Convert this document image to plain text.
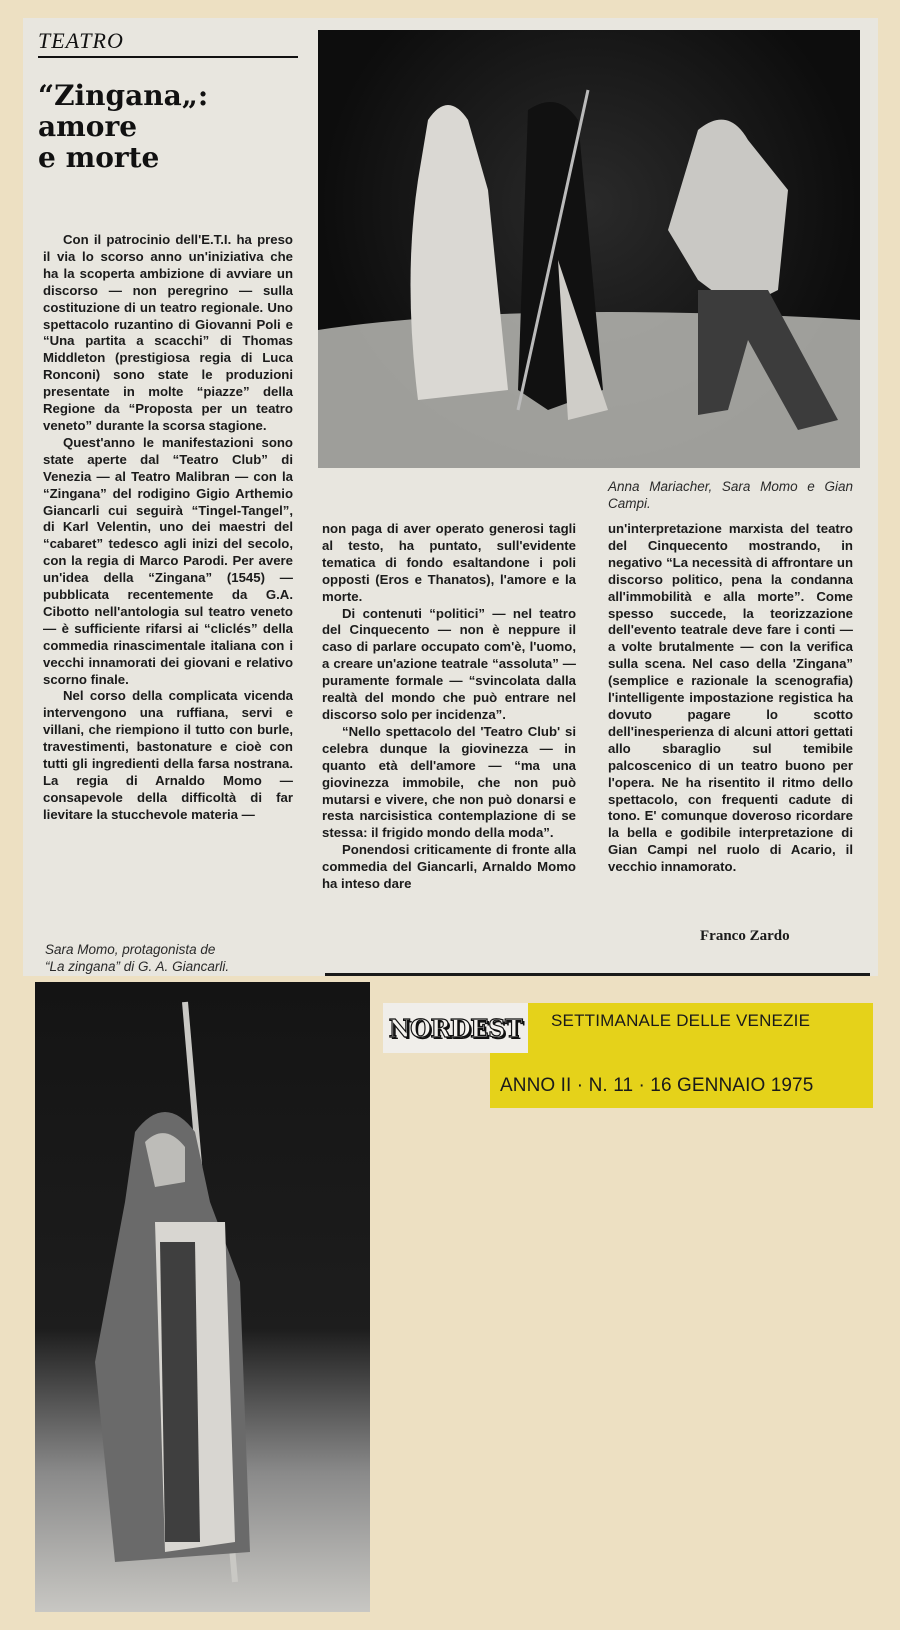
TEATRO
“Zingana„:
amore
e morte
Anna Mariacher, Sara Momo e Gian Campi.

Con il patrocinio dell'E.T.I. ha preso il via lo scorso anno un'iniziativa che ha la scoperta ambizione di avviare un discorso — non peregrino — sulla costituzione di un teatro regionale. Uno spettacolo ruzantino di Giovanni Poli e “Una partita a scacchi” di Thomas Middleton (prestigiosa regia di Luca Ronconi) sono state le produzioni presentate in molte “piazze” della Regione da “Proposta per un teatro veneto” durante la scorsa stagione.

Quest'anno le manifestazioni sono state aperte dal “Teatro Club” di Venezia — al Teatro Malibran — con la “Zingana” del rodigino Gigio Arthemio Giancarli cui seguirà “Tingel-Tangel”, di Karl Velentin, uno dei maestri del “cabaret” tedesco agli inizi del secolo, con la regia di Marco Parodi. Per avere un'idea della “Zingana” (1545) — pubblicata recentemente da G.A. Cibotto nell'antologia sul teatro veneto — è sufficiente rifarsi ai “cliclés” della commedia rinascimentale italiana con i vecchi innamorati dei giovani e relativo scorno finale.

Nel corso della complicata vicenda intervengono una ruffiana, servi e villani, che riempiono il tutto con burle, travestimenti, bastonature e cioè con tutti gli ingredienti della farsa nostrana. La regia di Arnaldo Momo — consapevole della difficoltà di far lievitare la stucchevole materia —

non paga di aver operato generosi tagli al testo, ha puntato, sull'evidente tematica di fondo esaltandone i poli opposti (Eros e Thanatos), l'amore e la morte.

Di contenuti “politici” — nel teatro del Cinquecento — non è neppure il caso di parlare occupato com'è, l'uomo, a creare un'azione teatrale “assoluta” — puramente formale — “svincolata dalla realtà del mondo che può entrare nel discorso solo per incidenza”.

“Nello spettacolo del 'Teatro Club' si celebra dunque la giovinezza — in quanto età dell'amore — “ma una giovinezza immobile, che non può mutarsi e vivere, che non può donarsi e resta narcisistica contemplazione di se stessa: il frigido mondo della moda”.

Ponendosi criticamente di fronte alla commedia del Giancarli, Arnaldo Momo ha inteso dare

un'interpretazione marxista del teatro del Cinquecento mostrando, in negativo “La necessità di affrontare un discorso politico, pena la condanna all'immobilità e alla morte”. Come spesso succede, la teorizzazione dell'evento teatrale deve fare i conti — a volte brutalmente — con la verifica sulla scena. Nel caso della 'Zingana” (semplice e razionale la scenografia) l'intelligente impostazione registica ha dovuto pagare lo scotto dell'inesperienza di alcuni attori gettati allo sbaraglio sul temibile palcoscenico di un teatro buono per l'opera. Ne ha risentito il ritmo dello spettacolo, con frequenti cadute di tono. E' comunque doveroso ricordare la bella e godibile interpretazione di Gian Campi nel ruolo di Acario, il vecchio innamorato.

Sara Momo, protagonista de
“La zingana” di G. A. Giancarli.
Franco Zardo
NORDEST SETTIMANALE DELLE VENEZIE
ANNO II · N. 11 · 16 GENNAIO 1975
